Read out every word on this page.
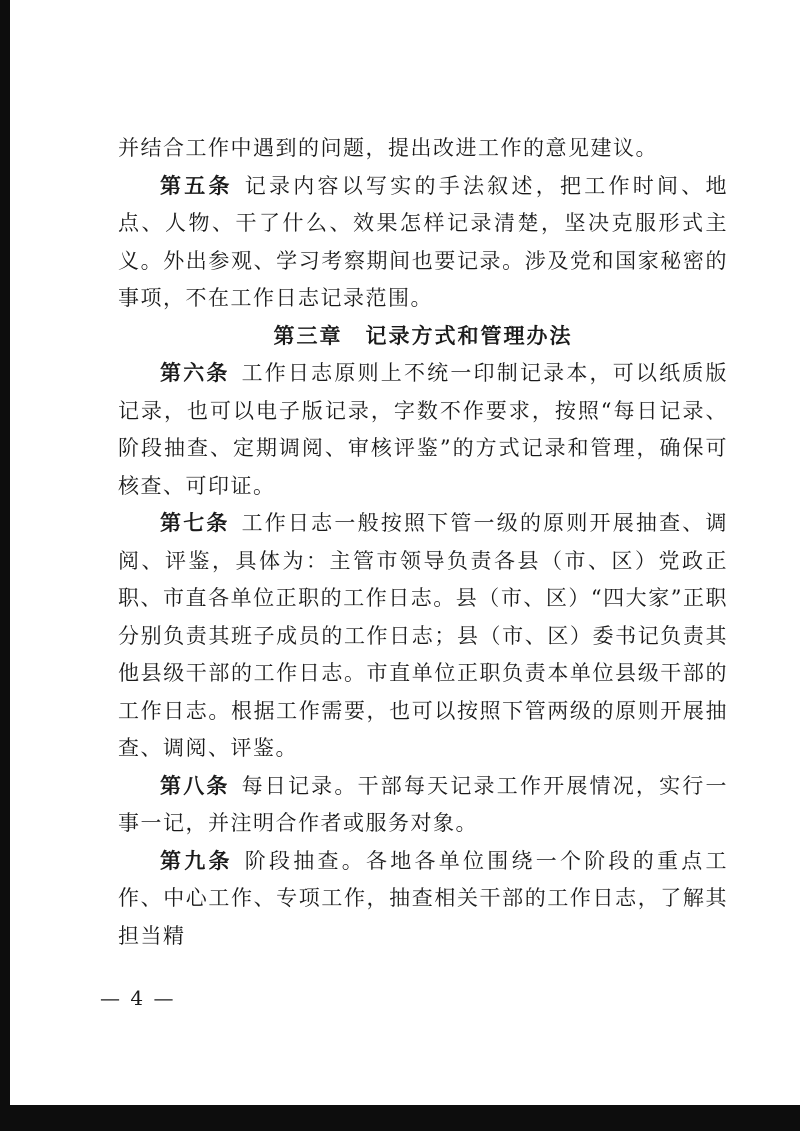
并结合工作中遇到的问题，提出改进工作的意见建议。

第五条 记录内容以写实的手法叙述，把工作时间、地点、人物、干了什么、效果怎样记录清楚，坚决克服形式主义。外出参观、学习考察期间也要记录。涉及党和国家秘密的事项，不在工作日志记录范围。

第三章　记录方式和管理办法

第六条 工作日志原则上不统一印制记录本，可以纸质版记录，也可以电子版记录，字数不作要求，按照“每日记录、阶段抽查、定期调阅、审核评鉴”的方式记录和管理，确保可核查、可印证。

第七条 工作日志一般按照下管一级的原则开展抽查、调阅、评鉴，具体为：主管市领导负责各县（市、区）党政正职、市直各单位正职的工作日志。县（市、区）“四大家”正职分别负责其班子成员的工作日志；县（市、区）委书记负责其他县级干部的工作日志。市直单位正职负责本单位县级干部的工作日志。根据工作需要，也可以按照下管两级的原则开展抽查、调阅、评鉴。

第八条 每日记录。干部每天记录工作开展情况，实行一事一记，并注明合作者或服务对象。

第九条 阶段抽查。各地各单位围绕一个阶段的重点工作、中心工作、专项工作，抽查相关干部的工作日志，了解其担当精

— 4 —
